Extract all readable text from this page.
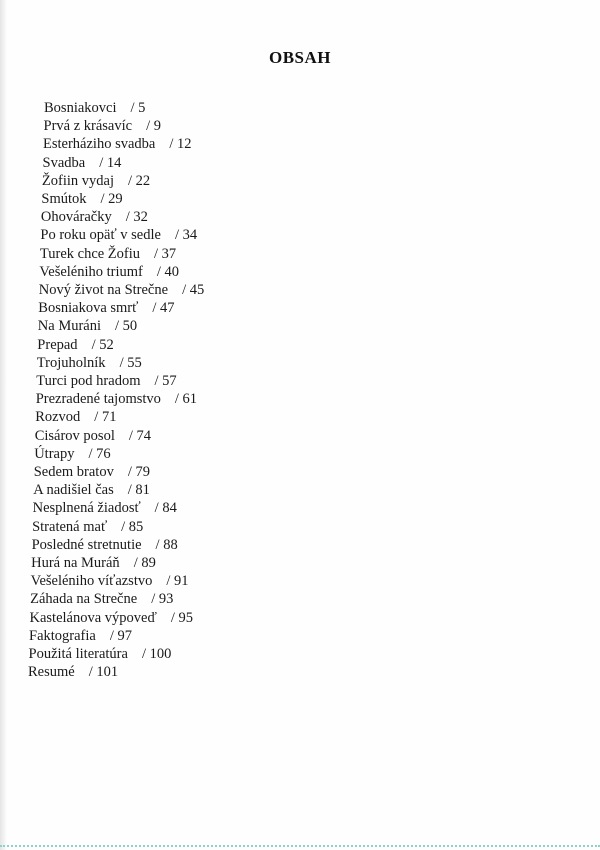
OBSAH
Bosniakovci / 5
Prvá z krásavíc / 9
Esterháziho svadba / 12
Svadba / 14
Žofiin vydaj / 22
Smútok / 29
Ohováračky / 32
Po roku opäť v sedle / 34
Turek chce Žofiu / 37
Vešeléniho triumf / 40
Nový život na Strečne / 45
Bosniakova smrť / 47
Na Muráni / 50
Prepad / 52
Trojuholník / 55
Turci pod hradom / 57
Prezradené tajomstvo / 61
Rozvod / 71
Cisárov posol / 74
Útrapy / 76
Sedem bratov / 79
A nadišiel čas / 81
Nesplnená žiadosť / 84
Stratená mať / 85
Posledné stretnutie / 88
Hurá na Muráň / 89
Vešeléniho víťazstvo / 91
Záhada na Strečne / 93
Kastelánova výpoveď / 95
Faktografia / 97
Použitá literatúra / 100
Resumé / 101
